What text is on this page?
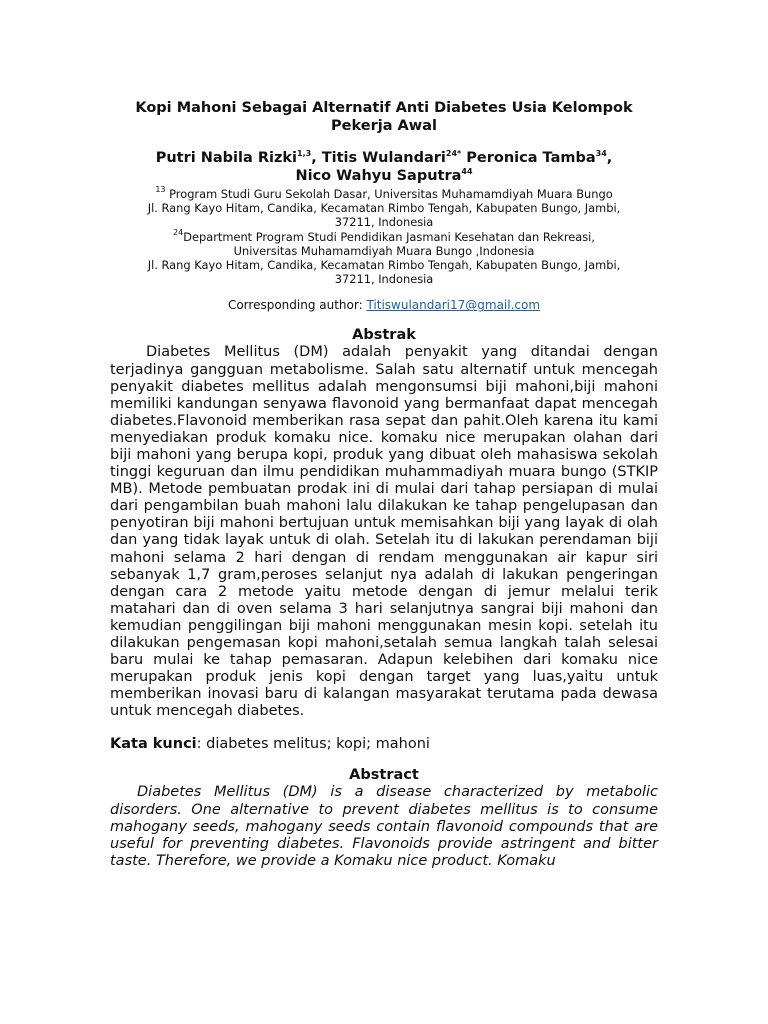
Kopi Mahoni Sebagai Alternatif Anti Diabetes Usia Kelompok Pekerja Awal

Putri Nabila Rizki$^{1,3}$, Titis Wulandari$^{24*}$ Peronica Tamba$^{34}$,
Nico Wahyu Saputra$^{44}$

$^{13}$ Program Studi Guru Sekolah Dasar, Universitas Muhamamdiyah Muara Bungo
Jl. Rang Kayo Hitam, Candika, Kecamatan Rimbo Tengah, Kabupaten Bungo, Jambi,
37211, Indonesia

$^{24}$Department Program Studi Pendidikan Jasmani Kesehatan dan Rekreasi,
Universitas Muhamamdiyah Muara Bungo ,Indonesia
Jl. Rang Kayo Hitam, Candika, Kecamatan Rimbo Tengah, Kabupaten Bungo, Jambi,
37211, Indonesia

Corresponding author: Titiswulandari17@gmail.com

Abstrak

Diabetes Mellitus (DM) adalah penyakit yang ditandai dengan terjadinya gangguan metabolisme. Salah satu alternatif untuk mencegah penyakit diabetes mellitus adalah mengonsumsi biji mahoni,biji mahoni memiliki kandungan senyawa flavonoid yang bermanfaat dapat mencegah diabetes.Flavonoid memberikan rasa sepat dan pahit.Oleh karena itu kami menyediakan produk komaku nice. komaku nice merupakan olahan dari biji mahoni yang berupa kopi, produk yang dibuat oleh mahasiswa sekolah tinggi keguruan dan ilmu pendidikan muhammadiyah muara bungo (STKIP MB). Metode pembuatan prodak ini di mulai dari tahap persiapan di mulai dari pengambilan buah mahoni lalu dilakukan ke tahap pengelupasan dan penyotiran biji mahoni bertujuan untuk memisahkan biji yang layak di olah dan yang tidak layak untuk di olah. Setelah itu di lakukan perendaman biji mahoni selama 2 hari dengan di rendam menggunakan air kapur siri sebanyak 1,7 gram,peroses selanjut nya adalah di lakukan pengeringan dengan cara 2 metode yaitu metode dengan di jemur melalui terik matahari dan di oven selama 3 hari selanjutnya sangrai biji mahoni dan kemudian penggilingan biji mahoni menggunakan mesin kopi. setelah itu dilakukan pengemasan kopi mahoni,setalah semua langkah talah selesai baru mulai ke tahap pemasaran. Adapun kelebihen dari komaku nice merupakan produk jenis kopi dengan target yang luas,yaitu untuk memberikan inovasi baru di kalangan masyarakat terutama pada dewasa untuk mencegah diabetes.

Kata kunci: diabetes melitus; kopi; mahoni

Abstract

Diabetes Mellitus (DM) is a disease characterized by metabolic disorders. One alternative to prevent diabetes mellitus is to consume mahogany seeds, mahogany seeds contain flavonoid compounds that are useful for preventing diabetes. Flavonoids provide astringent and bitter taste. Therefore, we provide a Komaku nice product. Komaku
